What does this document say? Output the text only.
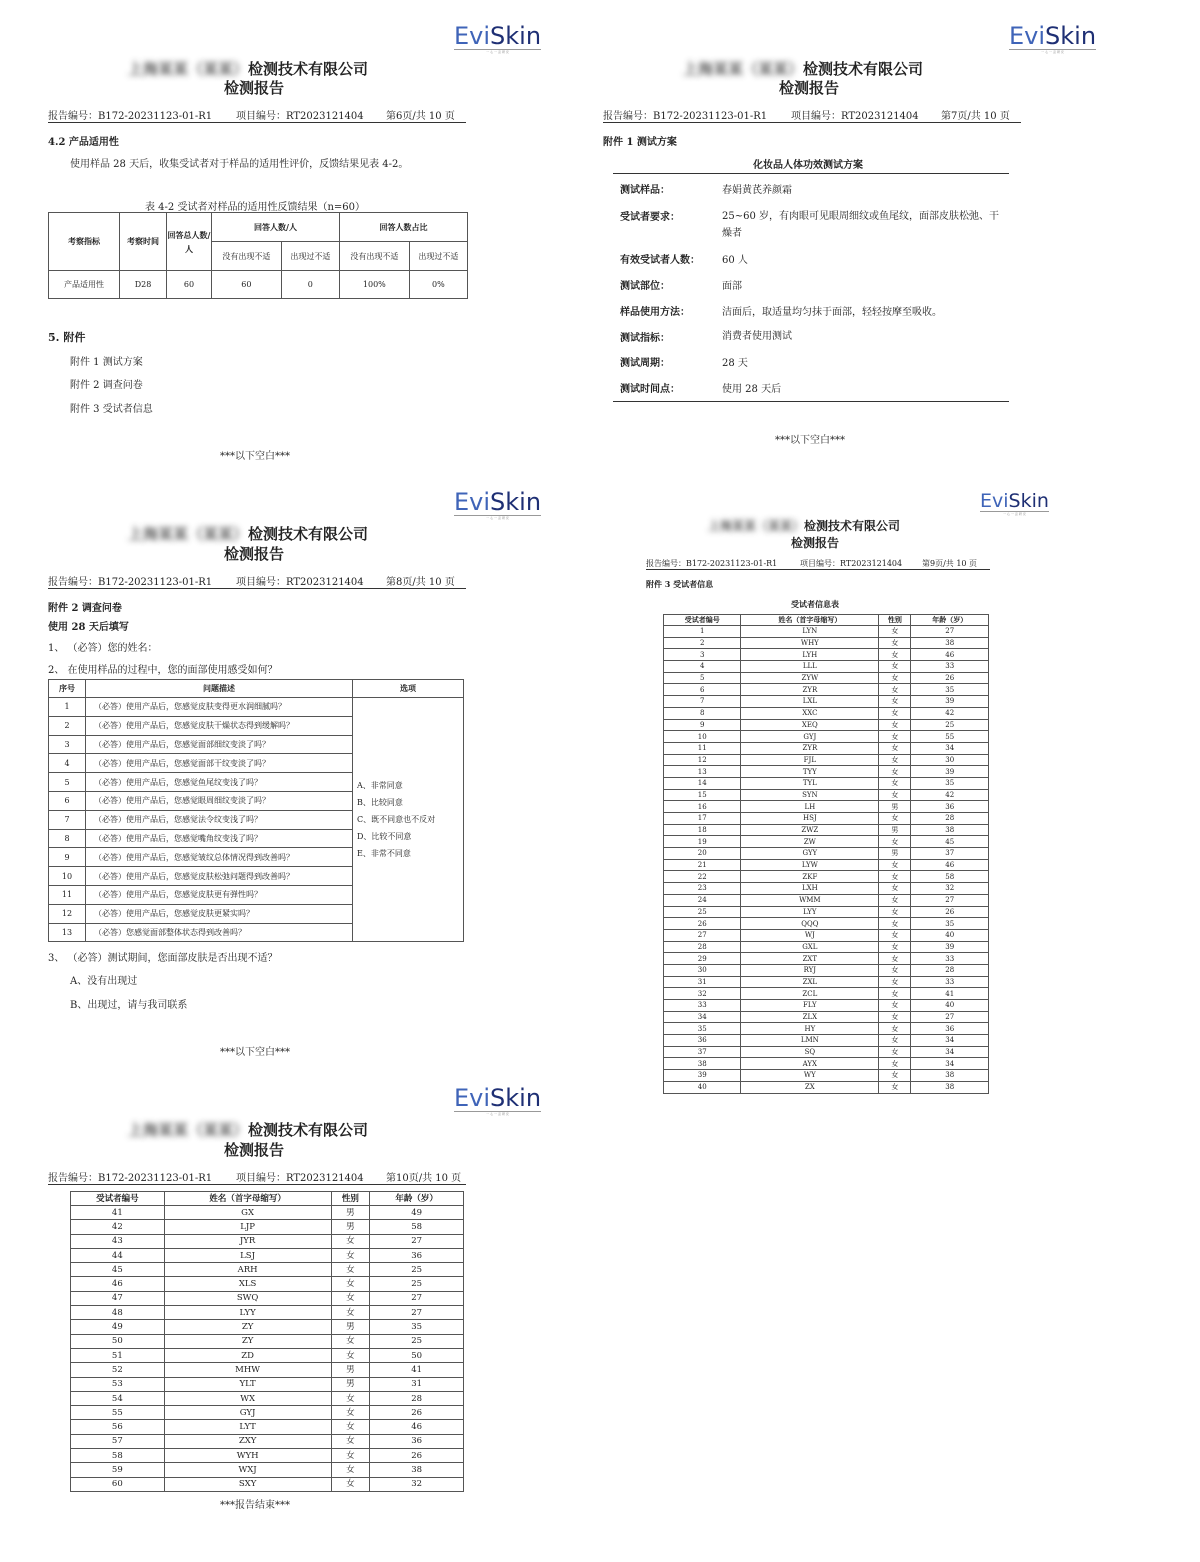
EviSkin
一 心 一 意 研 究
上海某某（某某）检测技术有限公司
检测报告
报告编号：B172-20231123-01-R1	项目编号：RT2023121404	第6页/共 10 页
4.2 产品适用性
使用样品 28 天后，收集受试者对于样品的适用性评价，反馈结果见表 4-2。
表 4-2 受试者对样品的适用性反馈结果（n=60）
考察指标	考察时间	回答总人数/人	回答人数/人		回答人数占比	
			没有出现不适	出现过不适	没有出现不适	出现过不适
产品适用性	D28	60	60	0	100%	0%
5. 附件
附件 1 测试方案
附件 2 调查问卷
附件 3 受试者信息
***以下空白***
EviSkin
一 心 一 意 研 究
上海某某（某某）检测技术有限公司
检测报告
报告编号：B172-20231123-01-R1	项目编号：RT2023121404	第7页/共 10 页
附件 1 测试方案
化妆品人体功效测试方案
测试样品：	春娟黄芪养颜霜
受试者要求：	25~60 岁，有肉眼可见眼周细纹或鱼尾纹，面部皮肤松弛、干燥者
有效受试者人数： 60 人
测试部位：	面部
样品使用方法：	洁面后，取适量均匀抹于面部，轻轻按摩至吸收。
测试指标：	消费者使用测试
测试周期：	28 天
测试时间点：	使用 28 天后
***以下空白***
EviSkin
一 心 一 意 研 究
上海某某（某某）检测技术有限公司
检测报告
报告编号：B172-20231123-01-R1	项目编号：RT2023121404	第8页/共 10 页
附件 2 调查问卷
使用 28 天后填写
1、 （必答）您的姓名：
2、 在使用样品的过程中，您的面部使用感受如何？
序号	问题描述	选项
1	（必答）使用产品后，您感觉皮肤变得更水润细腻吗？	A、非常同意
B、比较同意
C、既不同意也不反对
D、比较不同意
E、非常不同意

2	（必答）使用产品后，您感觉皮肤干燥状态得到缓解吗？	
3	（必答）使用产品后，您感觉面部细纹变淡了吗？	
4	（必答）使用产品后，您感觉面部干纹变淡了吗？	
5	（必答）使用产品后，您感觉鱼尾纹变浅了吗？	
6	（必答）使用产品后，您感觉眼周细纹变淡了吗？	
7	（必答）使用产品后，您感觉法令纹变浅了吗？	
8	（必答）使用产品后，您感觉嘴角纹变浅了吗？	
9	（必答）使用产品后，您感觉皱纹总体情况得到改善吗？	
10	（必答）使用产品后，您感觉皮肤松弛问题得到改善吗？	
11	（必答）使用产品后，您感觉皮肤更有弹性吗？	
12	（必答）使用产品后，您感觉皮肤更紧实吗？	
13	（必答）您感觉面部整体状态得到改善吗？	
3、 （必答）测试期间，您面部皮肤是否出现不适？
A、没有出现过
B、出现过，请与我司联系
***以下空白***
EviSkin
一 心 一 意 研 究
上海某某（某某）检测技术有限公司
检测报告
报告编号：B172-20231123-01-R1	项目编号：RT2023121404	第9页/共 10 页
附件 3 受试者信息
受试者信息表
受试者编号	姓名（首字母缩写）	性别	年龄（岁）
1	LYN	女	27
2	WHY	女	38
3	LYH	女	46
4	LLL	女	33
5	ZYW	女	26
6	ZYR	女	35
7	LXL	女	39
8	XXC	女	42
9	XEQ	女	25
10	GYJ	女	55
11	ZYR	女	34
12	FJL	女	30
13	TYY	女	39
14	TYL	女	35
15	SYN	女	42
16	LH	男	36
17	HSJ	女	28
18	ZWZ	男	38
19	ZW	女	45
20	GYY	男	37
21	LYW	女	46
22	ZKF	女	58
23	LXH	女	32
24	WMM	女	27
25	LYY	女	26
26	QQQ	女	35
27	WJ	女	40
28	GXL	女	39
29	ZXT	女	33
30	RYJ	女	28
31	ZXL	女	33
32	ZCL	女	41
33	FLY	女	40
34	ZLX	女	27
35	HY	女	36
36	LMN	女	34
37	SQ	女	34
38	AYX	女	34
39	WY	女	38
40	ZX	女	38
EviSkin
一 心 一 意 研 究
上海某某（某某）检测技术有限公司
检测报告
报告编号：B172-20231123-01-R1	项目编号：RT2023121404	第10页/共 10 页
受试者编号	姓名（首字母缩写）	性别	年龄（岁）
41	GX	男	49
42	LJP	男	58
43	JYR	女	27
44	LSJ	女	36
45	ARH	女	25
46	XLS	女	25
47	SWQ	女	27
48	LYY	女	27
49	ZY	男	35
50	ZY	女	25
51	ZD	女	50
52	MHW	男	41
53	YLT	男	31
54	WX	女	28
55	GYJ	女	26
56	LYT	女	46
57	ZXY	女	36
58	WYH	女	26
59	WXJ	女	38
60	SXY	女	32
***报告结束***
